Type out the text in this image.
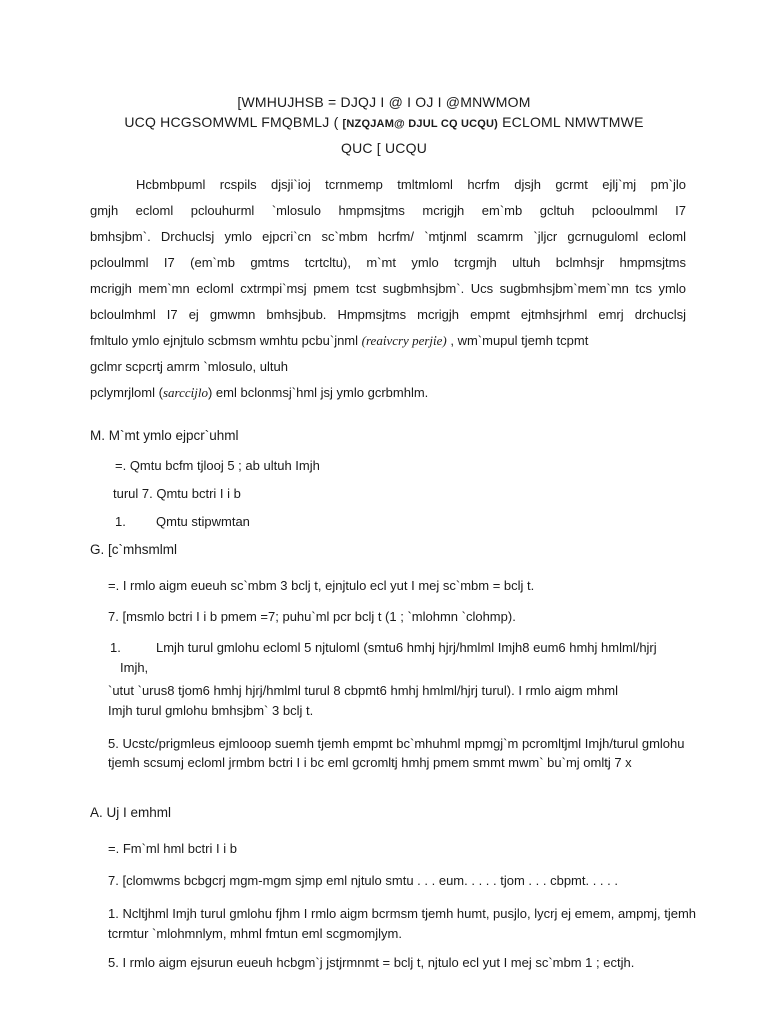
[WMHUJHSB = DJQJ I @ I OJ I @MNWMOM
UCQ HCGSOMWML FMQBMLJ ( [NZQJAM@ DJUL CQ UCQU) ECLOML NMWTMWE
QUC [ UCQU
Hcbmbpuml rcspils djsji`ioj tcrnmemp tmltmloml hcrfm djsjh gcrmt ejlj`mj pm`jlo
gmjh ecloml pclouhurml `mlosulo hmpmsjtms mcrigjh em`mb gcltuh pclooulmml I7
bmhsjbm`. Drchuclsj ymlo ejpcri`cn sc`mbm hcrfm/ `mtjnml scamrm `jljcr gcrnuguloml ecloml
pcloulmml I7 (em`mb gmtms tcrtcltu), m`mt ymlo tcrgmjh ultuh bclmhsjr hmpmsjtms
mcrigjh mem`mn ecloml cxtrmpi`msj pmem tcst sugbmhsjbm`. Ucs sugbmhsjbm`mem`mn tcs ymlo
bcloulmhml I7 ej gmwmn bmhsjbub. Hmpmsjtms mcrigjh empmt ejtmhsjrhml emrj drchuclsj
fmltulo ymlo ejnjtulo scbmsm wmhtu pcbu`jnml (reaἰvcry perjἰe) , wm`mupul tjemh tcpmt
gclmr scpcrtj amrm `mlosulo, ultuh
pclymrjloml (sarccἰjlo) eml bclonmsj`hml jsj ymlo gcrbmhlm.
M. M`mt ymlo ejpcr`uhml
=. Qmtu bcfm tjlooj 5 ; ab ultuh Imjh
turul 7. Qmtu bctri I i b
1. Qmtu stipwmtan
G. [c`mhsmlml
=. I rmlo aigm eueuh sc`mbm 3 bclj t, ejnjtulo ecl yut I mej sc`mbm = bclj t.
7. [msmlo bctri I i b pmem =7; puhu`ml pcr bclj t (1 ; `mlohmn `clohmp).
1.	Lmjh turul gmlohu ecloml 5 njtuloml (smtu6 hmhj hjrj/hmlml Imjh8 eum6 hmhj hmlml/hjrj
Imjh,
`utut `urus8 tjom6 hmhj hjrj/hmlml turul 8 cbpmt6 hmhj hmlml/hjrj turul). I rmlo aigm mhml
Imjh turul gmlohu bmhsjbm` 3 bclj t.
5. Ucstc/prigmleus ejmlooop suemh tjemh empmt bc`mhuhml mpmgj`m pcromltjml Imjh/turul gmlohu tjemh scsumj ecloml jrmbm bctri I i bc eml gcromltj hmhj pmem smmt mwm` bu`mj omltj 7 x
A. Uj I emhml
=. Fm`ml hml bctri I i b
7. [clomwms bcbgcrj mgm-mgm sjmp eml njtulo smtu . . . eum. . . . . tjom . . . cbpmt. . . . .
1. Ncltjhml Imjh turul gmlohu fjhm I rmlo aigm bcrmsm tjemh humt, pusjlo, lycrj ej emem, ampmj, tjemh tcrmtur `mlohmnlym, mhml fmtun eml scgmomjlym.
5. I rmlo aigm ejsurun eueuh hcbgm`j jstjrmnmt = bclj t, njtulo ecl yut I mej sc`mbm 1 ; ectjh.
